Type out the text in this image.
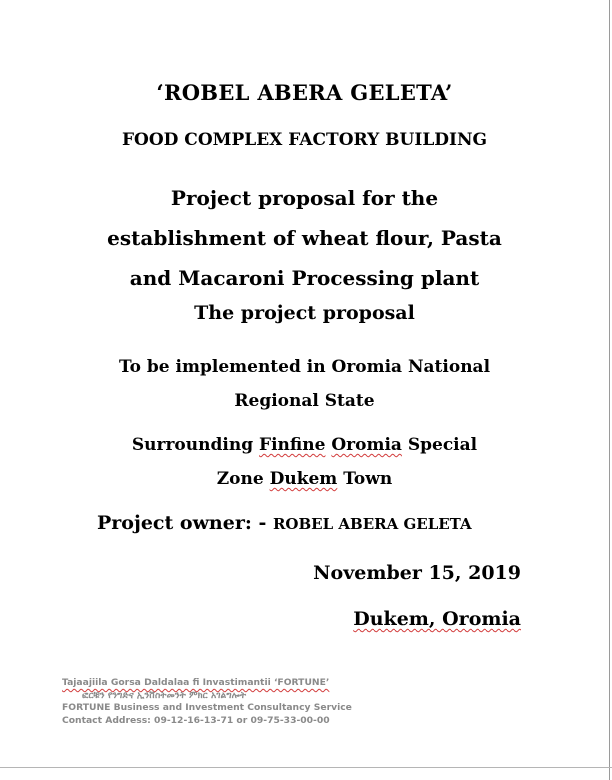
‘ROBEL ABERA GELETA’
FOOD COMPLEX FACTORY BUILDING
Project proposal for the
establishment of wheat flour, Pasta
and Macaroni Processing plant
The project proposal
To be implemented in Oromia National
Regional State
Surrounding Finfine Oromia Special
Zone Dukem Town
Project owner: - ROBEL ABERA GELETA
November 15, 2019
Dukem, Oromia
Tajaajiila Gorsa Daldalaa fi Invastimantii ‘FORTUNE’
ፎርቹን የንግድና ኢንቨስትመንት ምክር አገልግሎት
FORTUNE Business and Investment Consultancy Service
Contact Address: 09-12-16-13-71 or 09-75-33-00-00
